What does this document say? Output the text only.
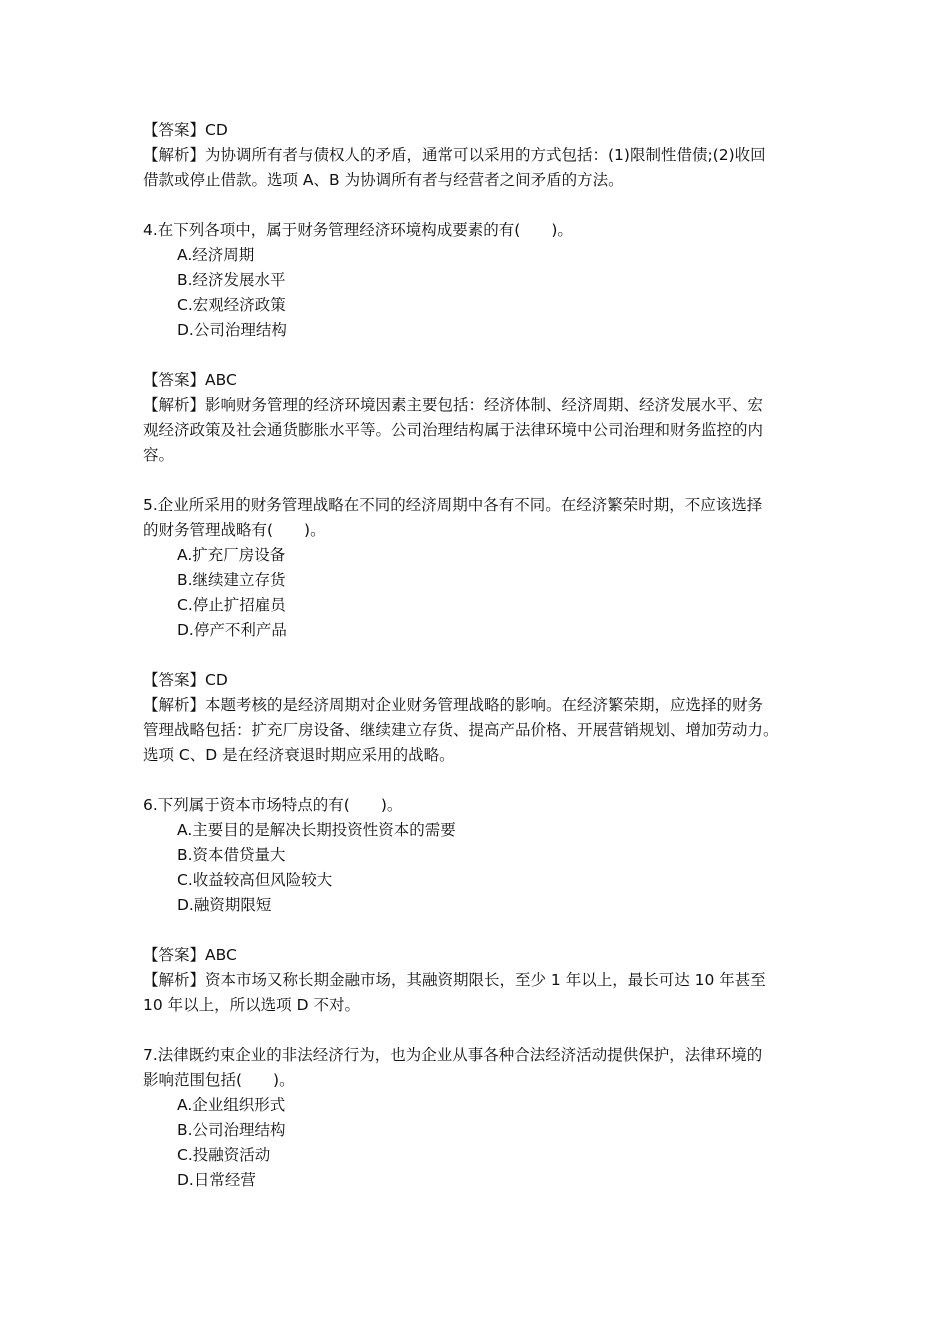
【答案】CD
【解析】为协调所有者与债权人的矛盾，通常可以采用的方式包括：(1)限制性借债;(2)收回
借款或停止借款。选项 A、B 为协调所有者与经营者之间矛盾的方法。
4.在下列各项中，属于财务管理经济环境构成要素的有(　　)。
A.经济周期
B.经济发展水平
C.宏观经济政策
D.公司治理结构
【答案】ABC
【解析】影响财务管理的经济环境因素主要包括：经济体制、经济周期、经济发展水平、宏
观经济政策及社会通货膨胀水平等。公司治理结构属于法律环境中公司治理和财务监控的内
容。
5.企业所采用的财务管理战略在不同的经济周期中各有不同。在经济繁荣时期，不应该选择
的财务管理战略有(　　)。
A.扩充厂房设备
B.继续建立存货
C.停止扩招雇员
D.停产不利产品
【答案】CD
【解析】本题考核的是经济周期对企业财务管理战略的影响。在经济繁荣期，应选择的财务
管理战略包括：扩充厂房设备、继续建立存货、提高产品价格、开展营销规划、增加劳动力。
选项 C、D 是在经济衰退时期应采用的战略。
6.下列属于资本市场特点的有(　　)。
A.主要目的是解决长期投资性资本的需要
B.资本借贷量大
C.收益较高但风险较大
D.融资期限短
【答案】ABC
【解析】资本市场又称长期金融市场，其融资期限长，至少 1 年以上，最长可达 10 年甚至
10 年以上，所以选项 D 不对。
7.法律既约束企业的非法经济行为，也为企业从事各种合法经济活动提供保护，法律环境的
影响范围包括(　　)。
A.企业组织形式
B.公司治理结构
C.投融资活动
D.日常经营
